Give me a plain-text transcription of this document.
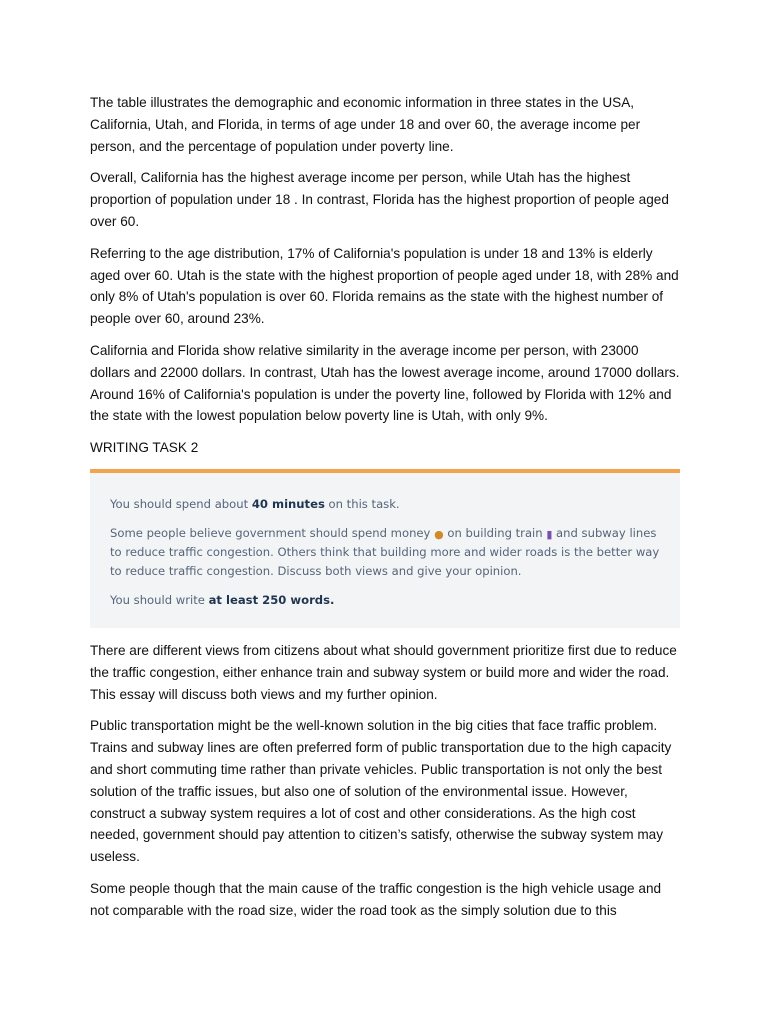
The table illustrates the demographic and economic information in three states in the USA, California, Utah, and Florida, in terms of age under 18 and over 60, the average income per person, and the percentage of population under poverty line.

Overall, California has the highest average income per person, while Utah has the highest proportion of population under 18 . In contrast, Florida has the highest proportion of people aged over 60.

Referring to the age distribution, 17% of California's population is under 18 and 13% is elderly aged over 60. Utah is the state with the highest proportion of people aged under 18, with 28% and only 8% of Utah's population is over 60. Florida remains as the state with the highest number of people over 60, around 23%.

California and Florida show relative similarity in the average income per person, with 23000 dollars and 22000 dollars. In contrast, Utah has the lowest average income, around 17000 dollars. Around 16% of California's population is under the poverty line, followed by Florida with 12% and the state with the lowest population below poverty line is Utah, with only 9%.

WRITING TASK 2

You should spend about 40 minutes on this task.

Some people believe government should spend money ● on building train ▮ and subway lines to reduce traffic congestion. Others think that building more and wider roads is the better way to reduce traffic congestion. Discuss both views and give your opinion.

You should write at least 250 words.

There are different views from citizens about what should government prioritize first due to reduce the traffic congestion, either enhance train and subway system or build more and wider the road. This essay will discuss both views and my further opinion.

Public transportation might be the well-known solution in the big cities that face traffic problem. Trains and subway lines are often preferred form of public transportation due to the high capacity and short commuting time rather than private vehicles. Public transportation is not only the best solution of the traffic issues, but also one of solution of the environmental issue. However, construct a subway system requires a lot of cost and other considerations. As the high cost needed, government should pay attention to citizen’s satisfy, otherwise the subway system may useless.

Some people though that the main cause of the traffic congestion is the high vehicle usage and not comparable with the road size, wider the road took as the simply solution due to this
